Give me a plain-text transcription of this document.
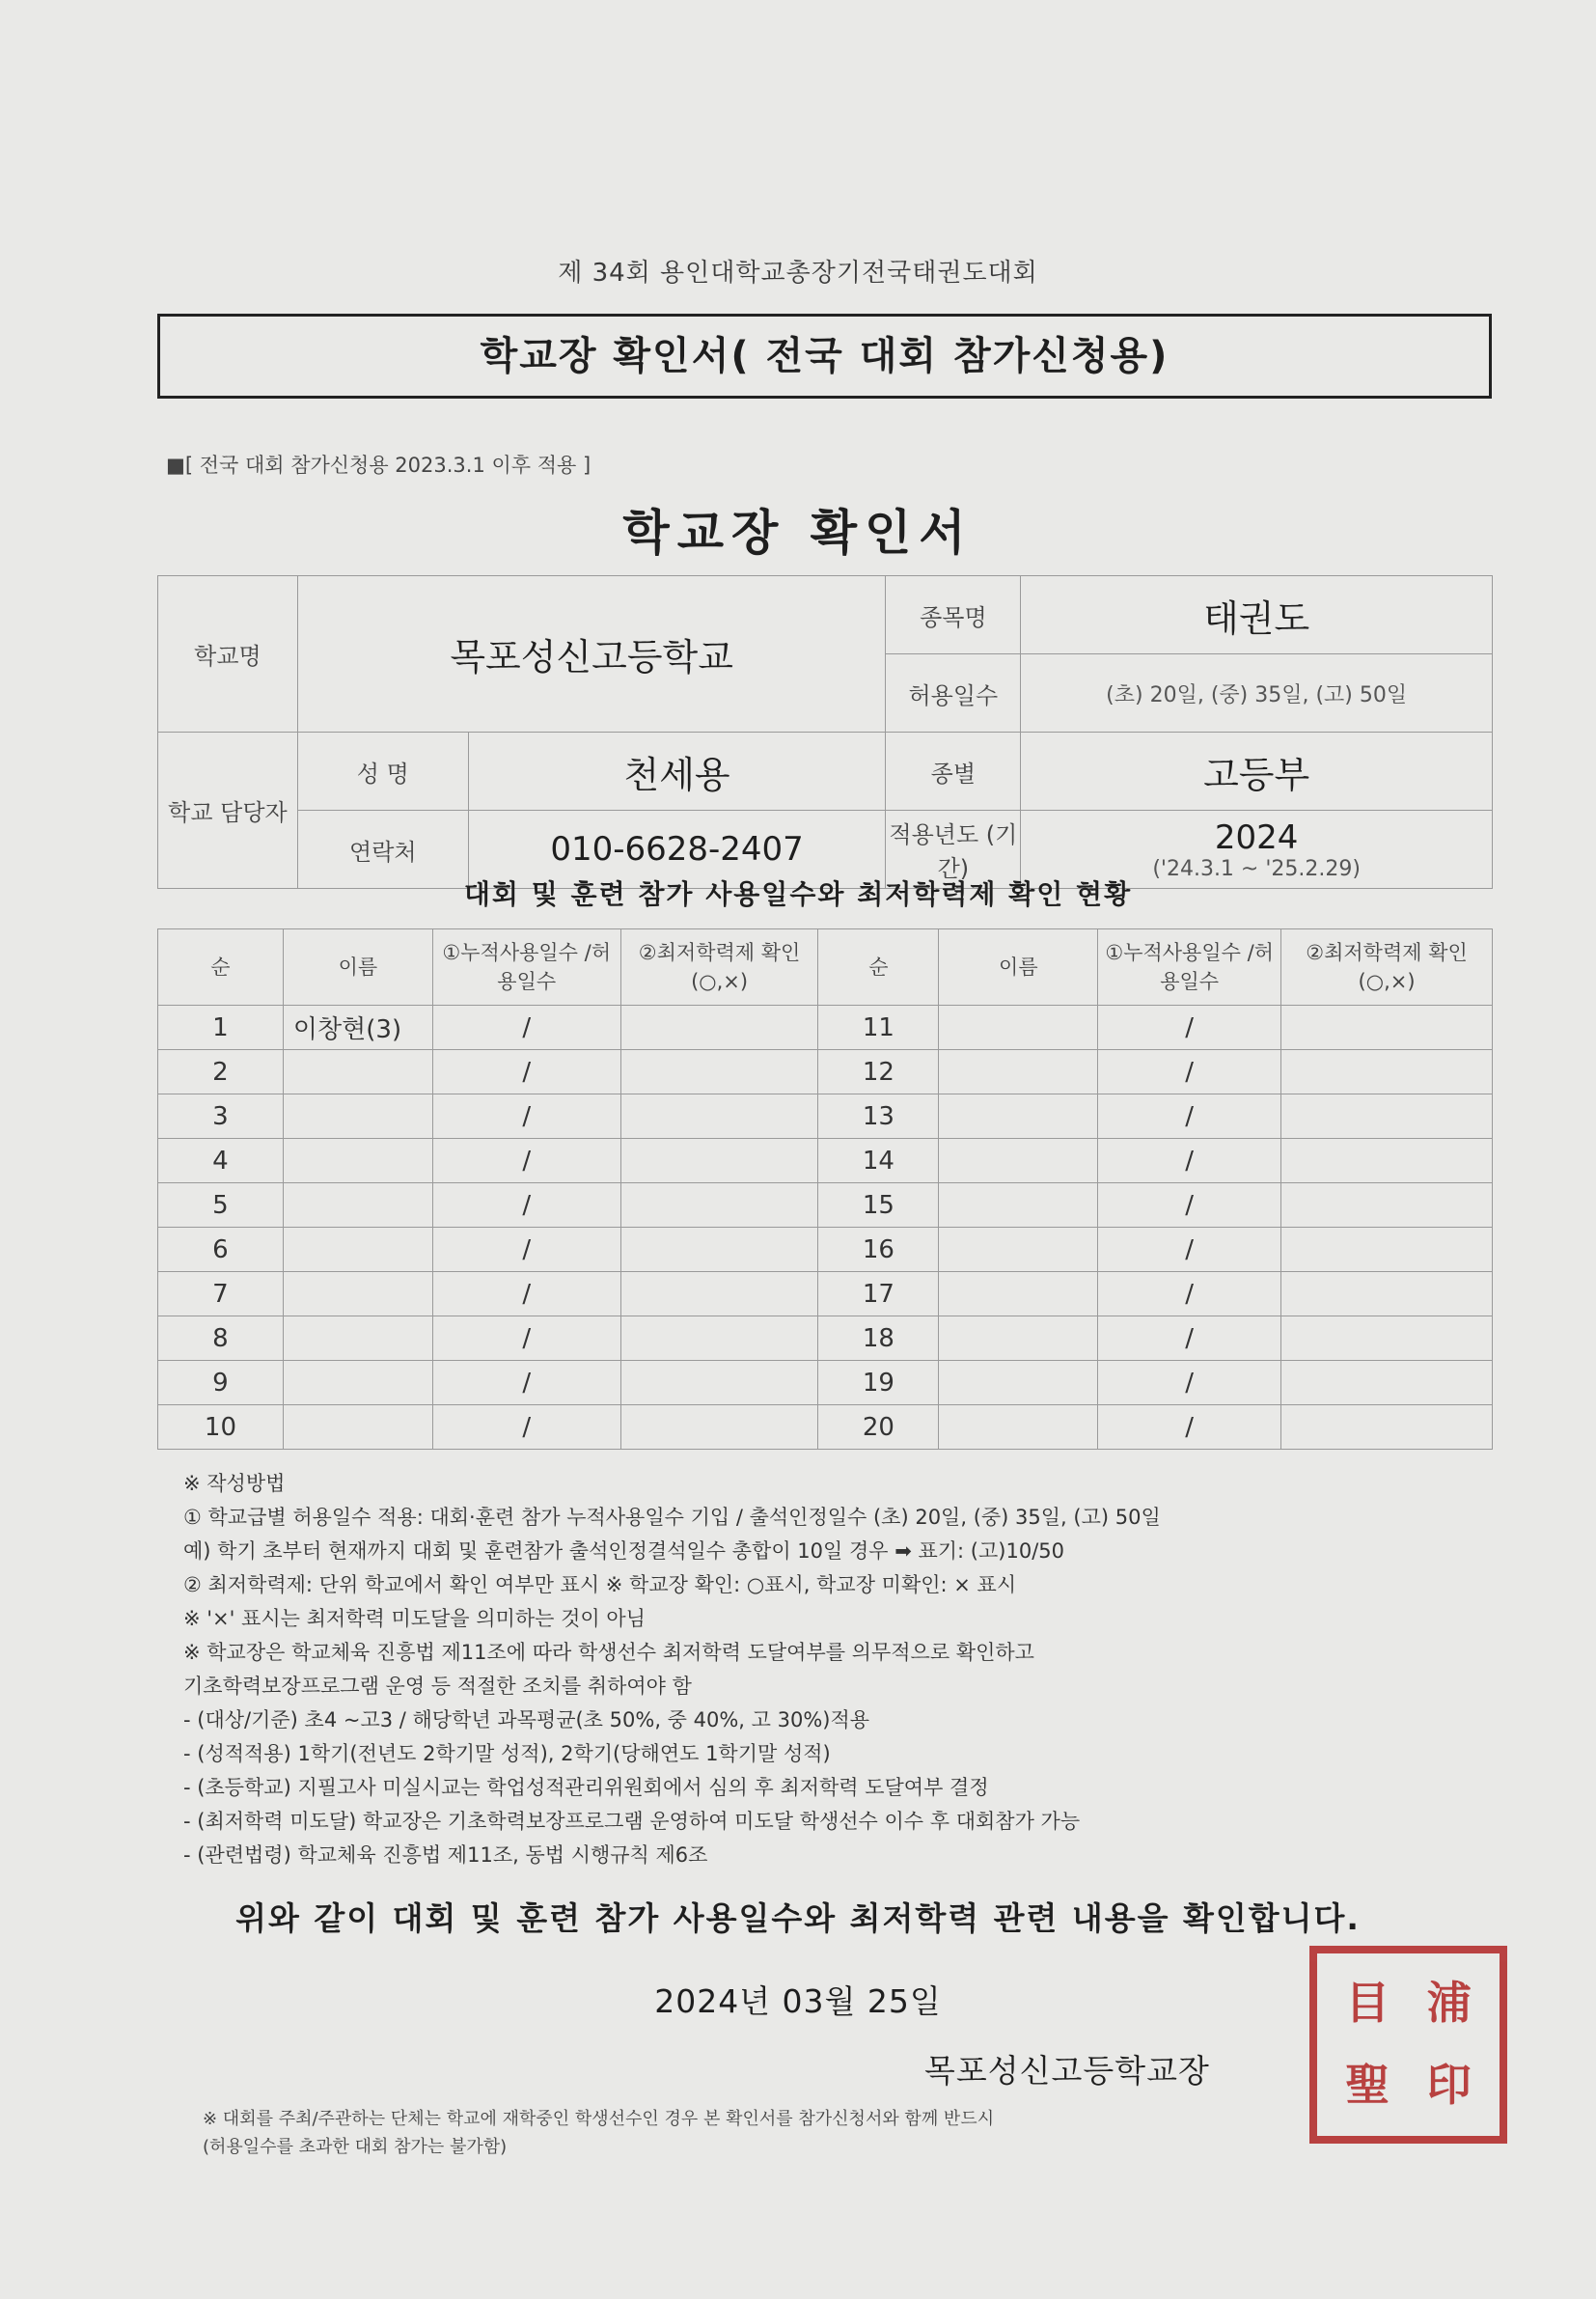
제 34회 용인대학교총장기전국태권도대회
학교장 확인서( 전국 대회 참가신청용)
■[ 전국 대회 참가신청용 2023.3.1 이후 적용 ]
학교장 확인서
학교명	목포성신고등학교		종목명	태권도
			허용일수	(초) 20일, (중) 35일, (고) 50일
학교 담당자	성 명	천세용	종별	고등부
	연락처	010-6628-2407	적용년도 (기간)	2024
('24.3.1 ~ '25.2.29)
대회 및 훈련 참가 사용일수와 최저학력제 확인 현황
순	이름	①누적사용일수 /허용일수	②최저학력제 확인(○,×)	순	이름	①누적사용일수 /허용일수	②최저학력제 확인(○,×)
1	이창현(3)	/		11		/	
2		/		12		/	
3		/		13		/	
4		/		14		/	
5		/		15		/	
6		/		16		/	
7		/		17		/	
8		/		18		/	
9		/		19		/	
10		/		20		/	
※ 작성방법
① 학교급별 허용일수 적용: 대회·훈련 참가 누적사용일수 기입 / 출석인정일수 (초) 20일, (중) 35일, (고) 50일
예) 학기 초부터 현재까지 대회 및 훈련참가 출석인정결석일수 총합이 10일 경우 ➡ 표기: (고)10/50
② 최저학력제: 단위 학교에서 확인 여부만 표시 ※ 학교장 확인: ○표시, 학교장 미확인: × 표시
※ '×' 표시는 최저학력 미도달을 의미하는 것이 아님
※ 학교장은 학교체육 진흥법 제11조에 따라 학생선수 최저학력 도달여부를 의무적으로 확인하고
기초학력보장프로그램 운영 등 적절한 조치를 취하여야 함
- (대상/기준) 초4 ~고3 / 해당학년 과목평균(초 50%, 중 40%, 고 30%)적용
- (성적적용) 1학기(전년도 2학기말 성적), 2학기(당해연도 1학기말 성적)
- (초등학교) 지필고사 미실시교는 학업성적관리위원회에서 심의 후 최저학력 도달여부 결정
- (최저학력 미도달) 학교장은 기초학력보장프로그램 운영하여 미도달 학생선수 이수 후 대회참가 가능
- (관련법령) 학교체육 진흥법 제11조, 동법 시행규칙 제6조
위와 같이 대회 및 훈련 참가 사용일수와 최저학력 관련 내용을 확인합니다.
2024년 03월 25일
목포성신고등학교장
目 浦
聖 印
※ 대회를 주최/주관하는 단체는 학교에 재학중인 학생선수인 경우 본 확인서를 참가신청서와 함께 반드시
(허용일수를 초과한 대회 참가는 불가함)
